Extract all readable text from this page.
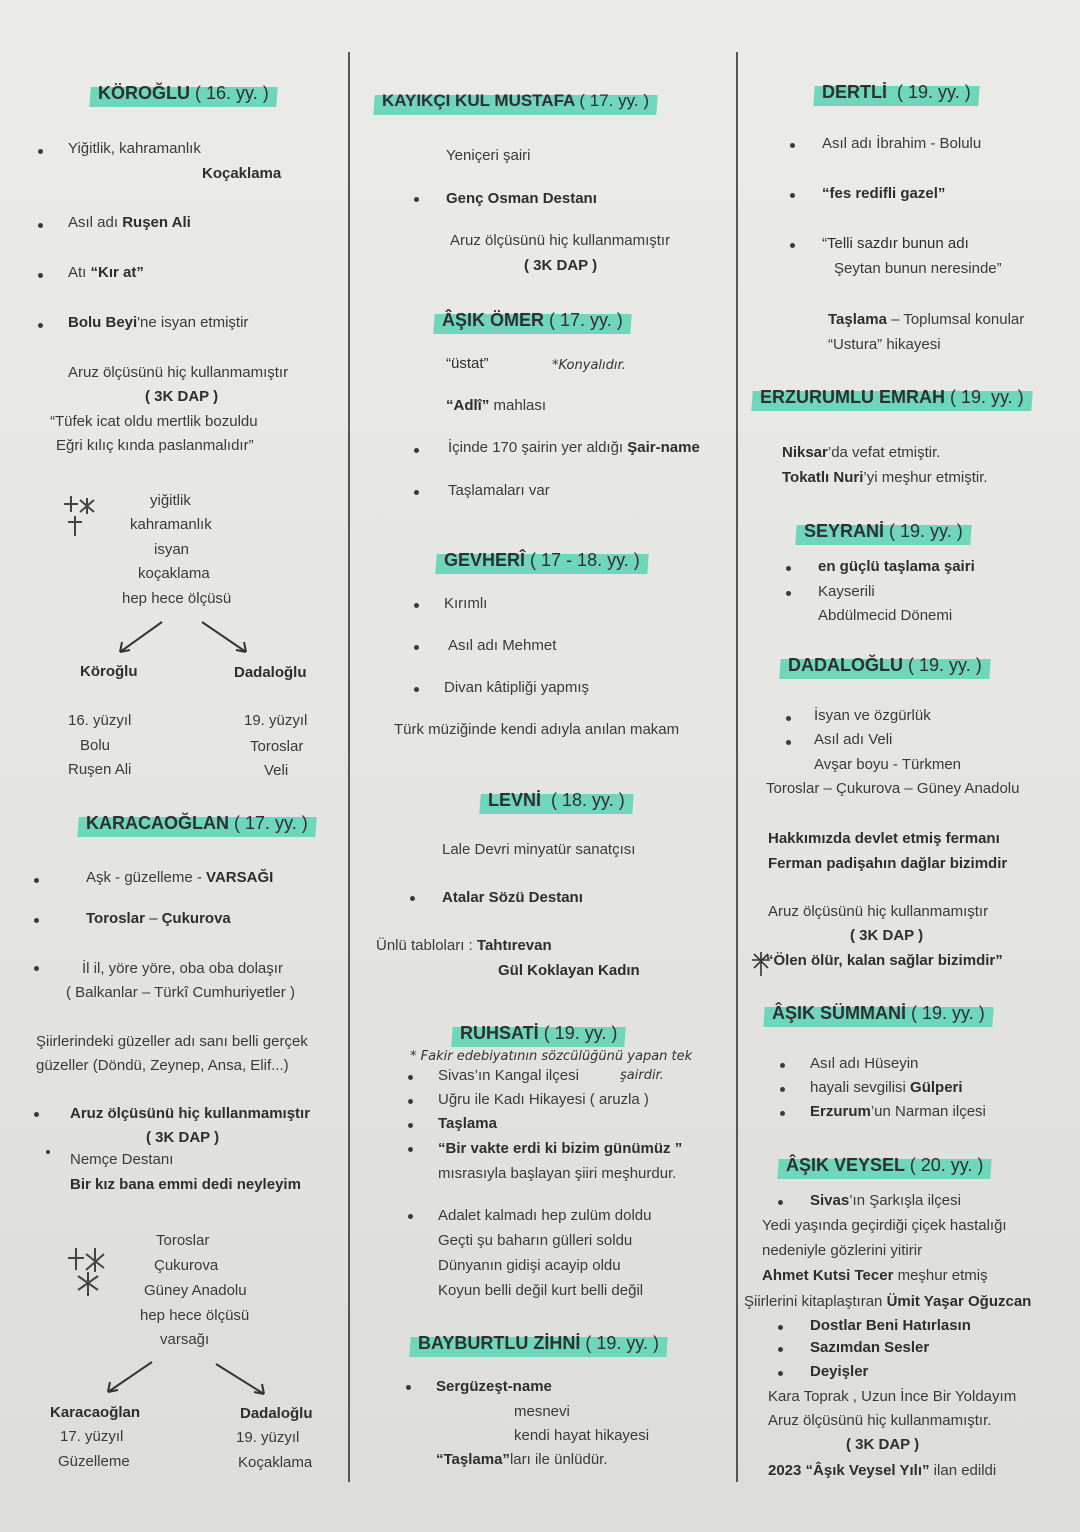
KÖROĞLU ( 16. yy. )
Yiğitlik, kahramanlık
Koçaklama
Asıl adı Ruşen Ali
Atı “Kır at”
Bolu Beyi'ne isyan etmiştir
Aruz ölçüsünü hiç kullanmamıştır
( 3K DAP )
“Tüfek icat oldu mertlik bozuldu
Eğri kılıç kında paslanmalıdır”
yiğitlik
kahramanlık
isyan
koçaklama
hep hece ölçüsü
Köroğlu	Dadaloğlu
16. yüzyıl
Bolu
Ruşen Ali
19. yüzyıl
Toroslar
Veli
KARACAOĞLAN ( 17. yy. )
Aşk - güzelleme - VARSAĞI
Toroslar – Çukurova
İl il, yöre yöre, oba oba dolaşır
( Balkanlar – Türkî Cumhuriyetler )
Şiirlerindeki güzeller adı sanı belli gerçek
güzeller (Döndü, Zeynep, Ansa, Elif...)
Aruz ölçüsünü hiç kullanmamıştır
( 3K DAP )
Nemçe Destanı
Bir kız bana emmi dedi neyleyim
Toroslar
Çukurova
Güney Anadolu
hep hece ölçüsü
varsağı
Karacaoğlan	Dadaloğlu
17. yüzyıl
Güzelleme
19. yüzyıl
Koçaklama
KAYIKÇI KUL MUSTAFA ( 17. yy. )
Yeniçeri şairi
Genç Osman Destanı
Aruz ölçüsünü hiç kullanmamıştır
( 3K DAP )
ÂŞIK ÖMER ( 17. yy. )
“üstat”	*Konyalıdır.
“Adlî” mahlası
İçinde 170 şairin yer aldığı Şair-name
Taşlamaları var
GEVHERÎ ( 17 - 18. yy. )
Kırımlı
Asıl adı Mehmet
Divan kâtipliği yapmış
Türk müziğinde kendi adıyla anılan makam
LEVNİ ( 18. yy. )
Lale Devri minyatür sanatçısı
Atalar Sözü Destanı
Ünlü tabloları : Tahtırevan
Gül Koklayan Kadın
RUHSATİ ( 19. yy. )
* Fakir edebiyatının sözcülüğünü yapan tek
Sivas’ın Kangal ilçesi	şairdir.
Uğru ile Kadı Hikayesi ( aruzla )
Taşlama
“Bir vakte erdi ki bizim günümüz ”
mısrasıyla başlayan şiiri meşhurdur.
Adalet kalmadı hep zulüm doldu
Geçti şu baharın gülleri soldu
Dünyanın gidişi acayip oldu
Koyun belli değil kurt belli değil
BAYBURTLU ZİHNİ ( 19. yy. )
Sergüzeşt-name
mesnevi
kendi hayat hikayesi
“Taşlama”ları ile ünlüdür.
DERTLİ ( 19. yy. )
Asıl adı İbrahim - Bolulu
“fes redifli gazel”
“Telli sazdır bunun adı
Şeytan bunun neresinde”
Taşlama – Toplumsal konular
“Ustura” hikayesi
ERZURUMLU EMRAH ( 19. yy. )
Niksar’da vefat etmiştir.
Tokatlı Nuri’yi meşhur etmiştir.
SEYRANİ ( 19. yy. )
en güçlü taşlama şairi
Kayserili
Abdülmecid Dönemi
DADALOĞLU ( 19. yy. )
İsyan ve özgürlük
Asıl adı Veli
Avşar boyu - Türkmen
Toroslar – Çukurova – Güney Anadolu
Hakkımızda devlet etmiş fermanı
Ferman padişahın dağlar bizimdir
Aruz ölçüsünü hiç kullanmamıştır
( 3K DAP )
“Ölen ölür, kalan sağlar bizimdir”
ÂŞIK SÜMMANİ ( 19. yy. )
Asıl adı Hüseyin
hayali sevgilisi Gülperi
Erzurum’un Narman ilçesi
ÂŞIK VEYSEL ( 20. yy. )
Sivas’ın Şarkışla ilçesi
Yedi yaşında geçirdiği çiçek hastalığı
nedeniyle gözlerini yitirir
Ahmet Kutsi Tecer meşhur etmiş
Şiirlerini kitaplaştıran Ümit Yaşar Oğuzcan
Dostlar Beni Hatırlasın
Sazımdan Sesler
Deyişler
Kara Toprak , Uzun İnce Bir Yoldayım
Aruz ölçüsünü hiç kullanmamıştır.
( 3K DAP )
2023 “Âşık Veysel Yılı” ilan edildi
